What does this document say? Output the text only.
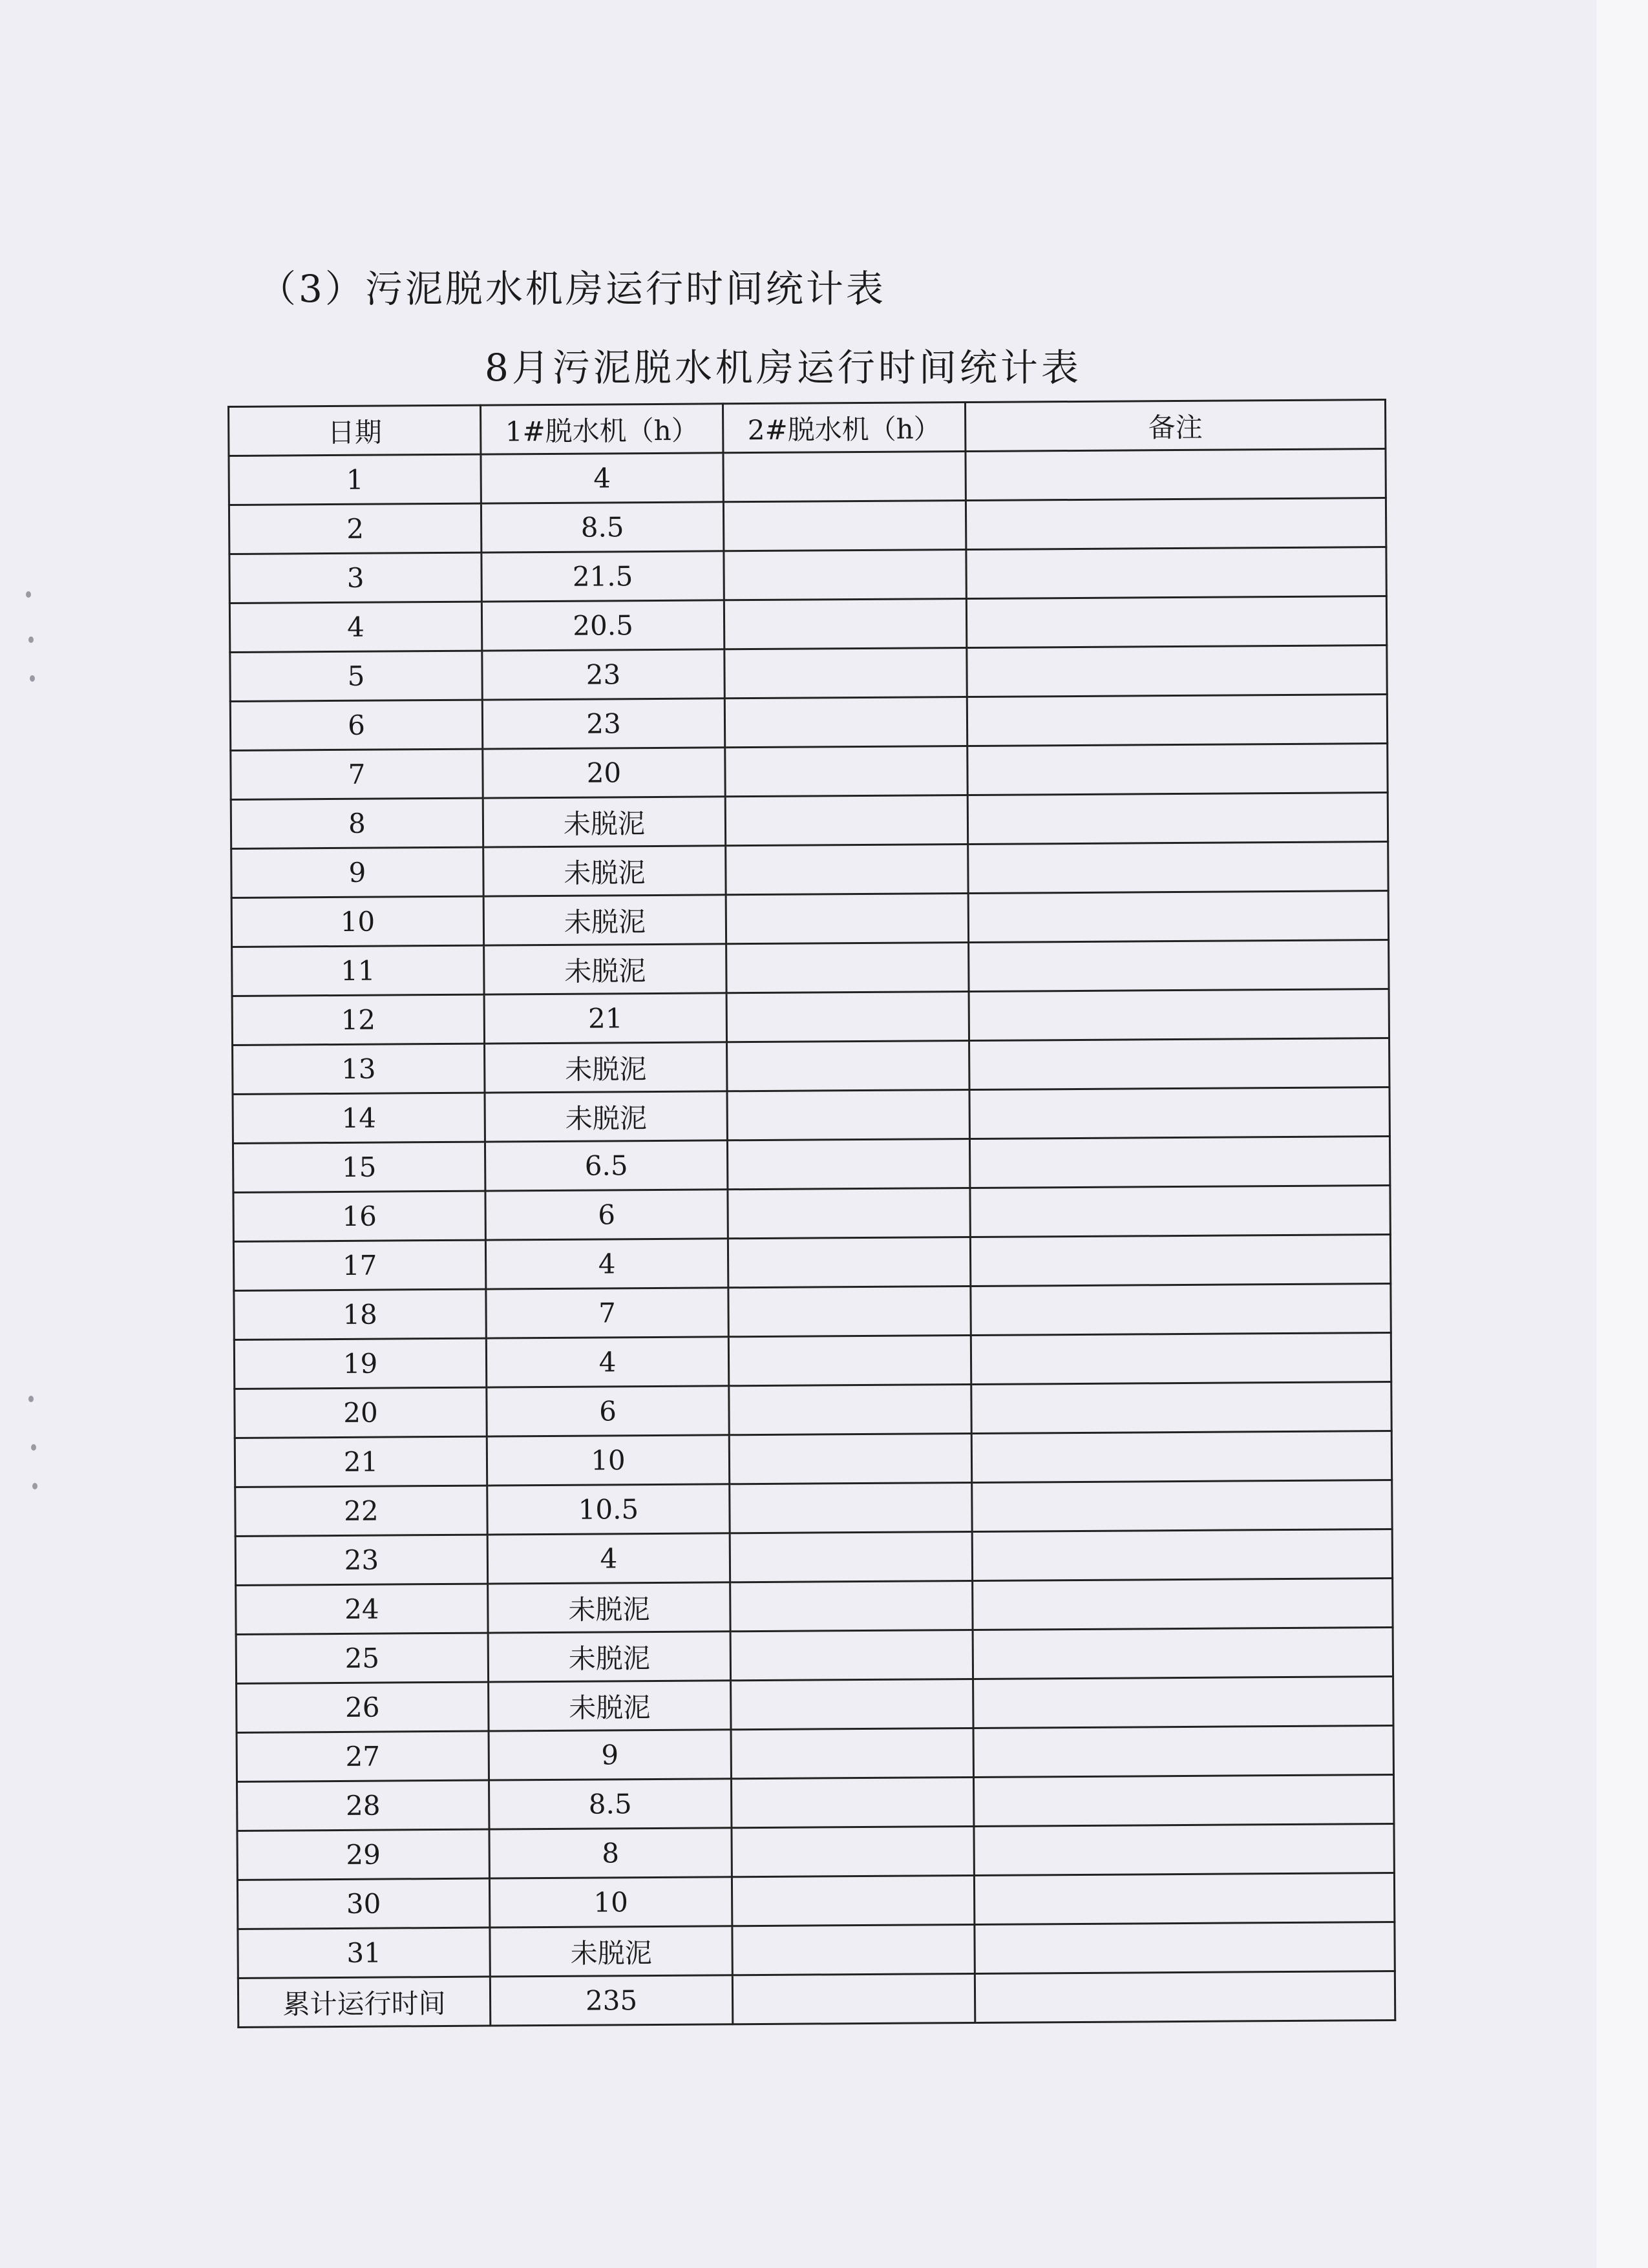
（3）污泥脱水机房运行时间统计表
8月污泥脱水机房运行时间统计表
日期	1#脱水机（h）	2#脱水机（h）	备注
1	4		
2	8.5		
3	21.5		
4	20.5		
5	23		
6	23		
7	20		
8	未脱泥		
9	未脱泥		
10	未脱泥		
11	未脱泥		
12	21		
13	未脱泥		
14	未脱泥		
15	6.5		
16	6		
17	4		
18	7		
19	4		
20	6		
21	10		
22	10.5		
23	4		
24	未脱泥		
25	未脱泥		
26	未脱泥		
27	9		
28	8.5		
29	8		
30	10		
31	未脱泥		
累计运行时间	235		
